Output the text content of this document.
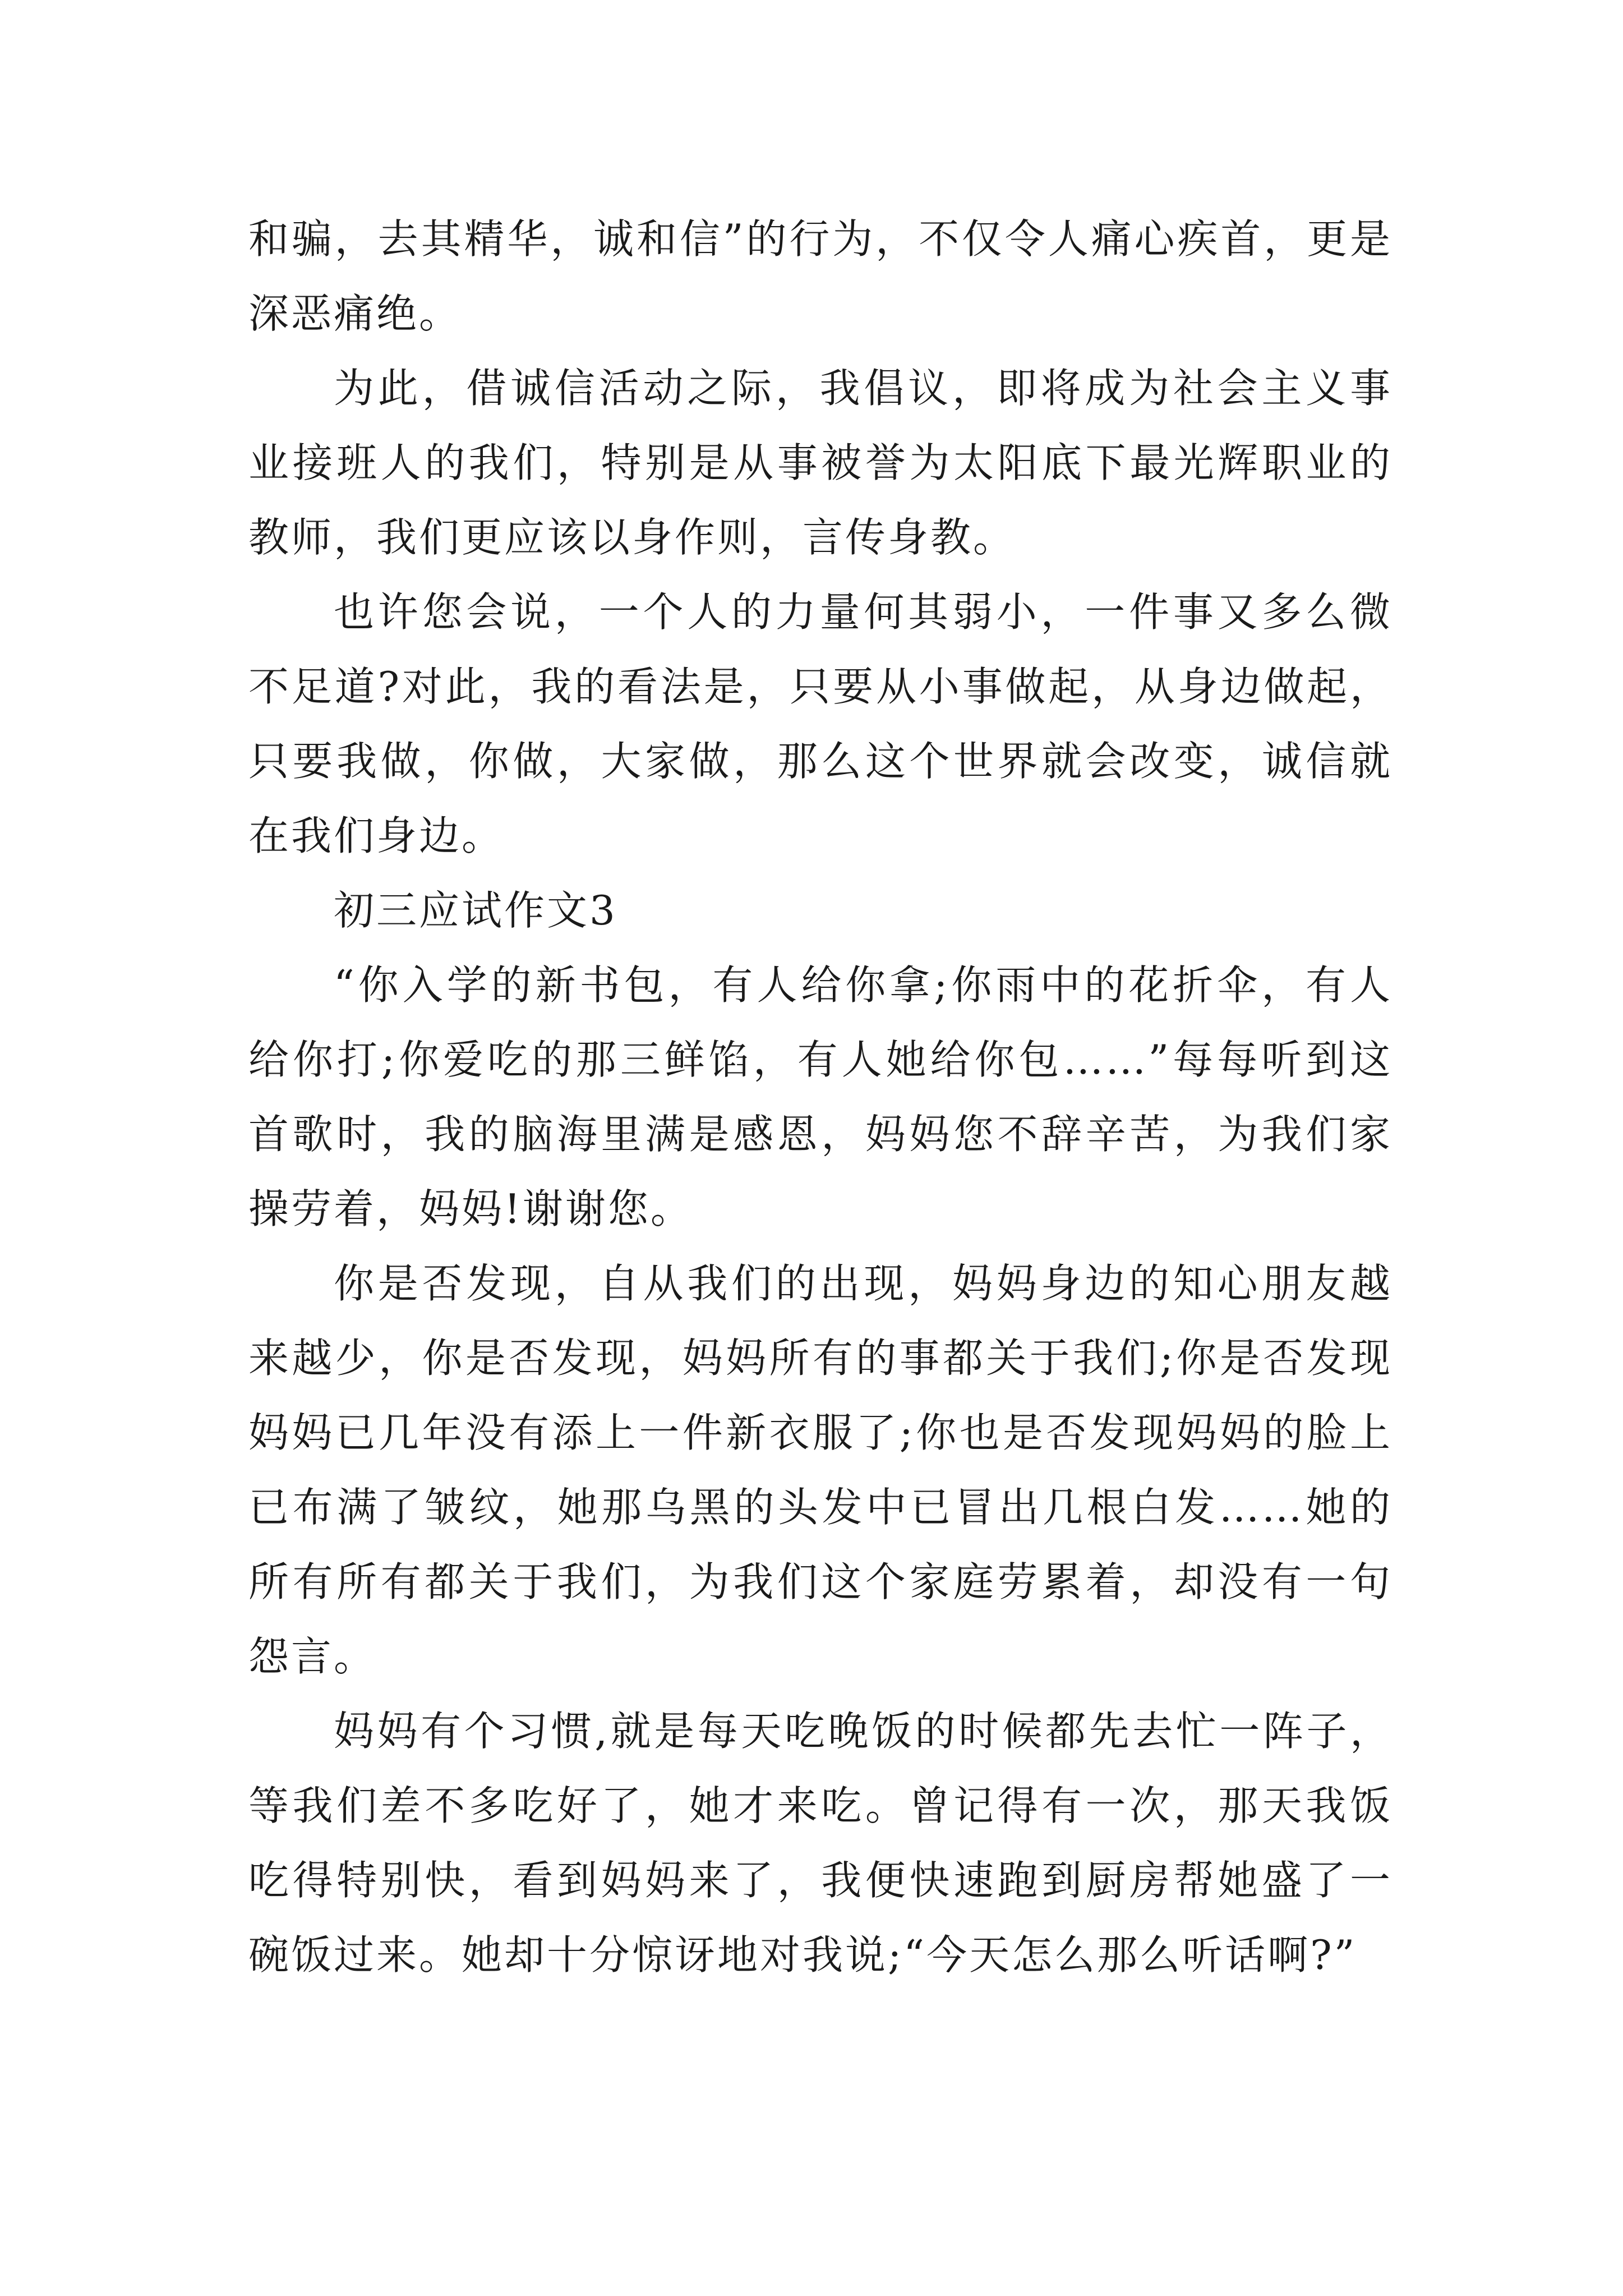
和骗，去其精华，诚和信”的行为，不仅令人痛心疾首，更是深恶痛绝。

为此，借诚信活动之际，我倡议，即将成为社会主义事业接班人的我们，特别是从事被誉为太阳底下最光辉职业的教师，我们更应该以身作则，言传身教。

也许您会说，一个人的力量何其弱小，一件事又多么微不足道?对此，我的看法是，只要从小事做起，从身边做起，只要我做，你做，大家做，那么这个世界就会改变，诚信就在我们身边。

初三应试作文3

“你入学的新书包，有人给你拿;你雨中的花折伞，有人给你打;你爱吃的那三鲜馅，有人她给你包……”每每听到这首歌时，我的脑海里满是感恩，妈妈您不辞辛苦，为我们家操劳着，妈妈!谢谢您。

你是否发现，自从我们的出现，妈妈身边的知心朋友越来越少，你是否发现，妈妈所有的事都关于我们;你是否发现妈妈已几年没有添上一件新衣服了;你也是否发现妈妈的脸上已布满了皱纹，她那乌黑的头发中已冒出几根白发……她的所有所有都关于我们，为我们这个家庭劳累着，却没有一句怨言。

妈妈有个习惯,就是每天吃晚饭的时候都先去忙一阵子，等我们差不多吃好了，她才来吃。曾记得有一次，那天我饭吃得特别快，看到妈妈来了，我便快速跑到厨房帮她盛了一碗饭过来。她却十分惊讶地对我说;“今天怎么那么听话啊?”
